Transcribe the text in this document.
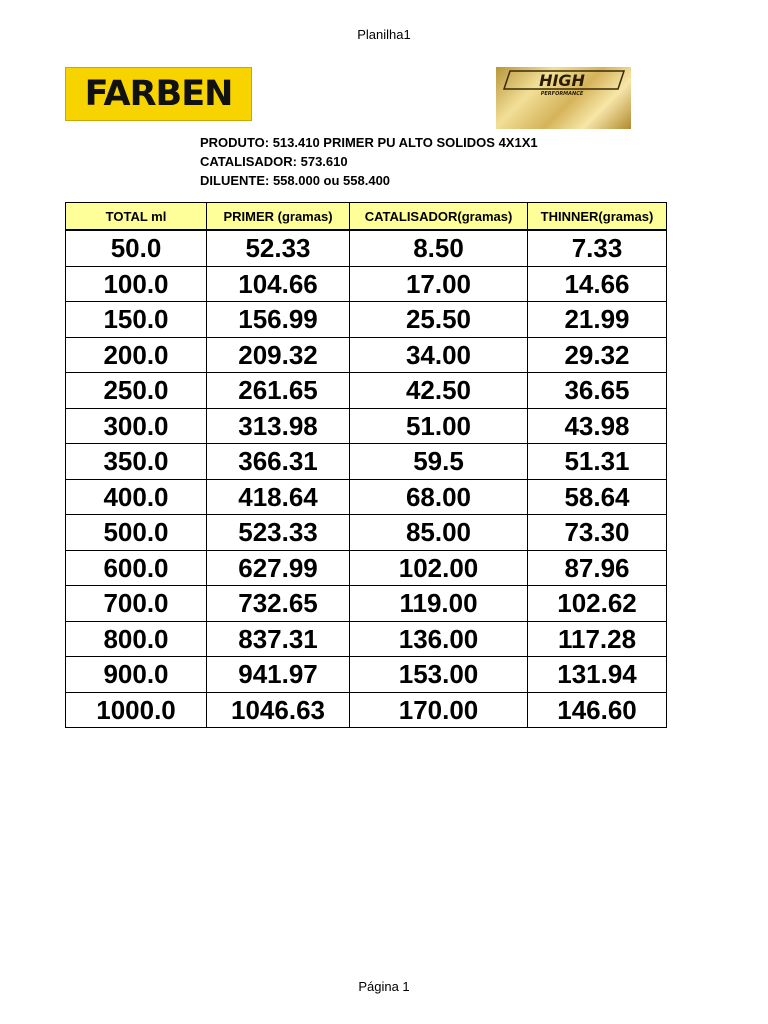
Planilha1
FARBEN	HIGH
PERFORMANCE
PRODUTO: 513.410 PRIMER PU ALTO SOLIDOS 4X1X1
CATALISADOR: 573.610
DILUENTE: 558.000 ou 558.400
TOTAL ml	PRIMER (gramas)	CATALISADOR(gramas)	THINNER(gramas)
50.0	52.33	8.50	7.33
100.0	104.66	17.00	14.66
150.0	156.99	25.50	21.99
200.0	209.32	34.00	29.32
250.0	261.65	42.50	36.65
300.0	313.98	51.00	43.98
350.0	366.31	59.5	51.31
400.0	418.64	68.00	58.64
500.0	523.33	85.00	73.30
600.0	627.99	102.00	87.96
700.0	732.65	119.00	102.62
800.0	837.31	136.00	117.28
900.0	941.97	153.00	131.94
1000.0	1046.63	170.00	146.60
Página 1
